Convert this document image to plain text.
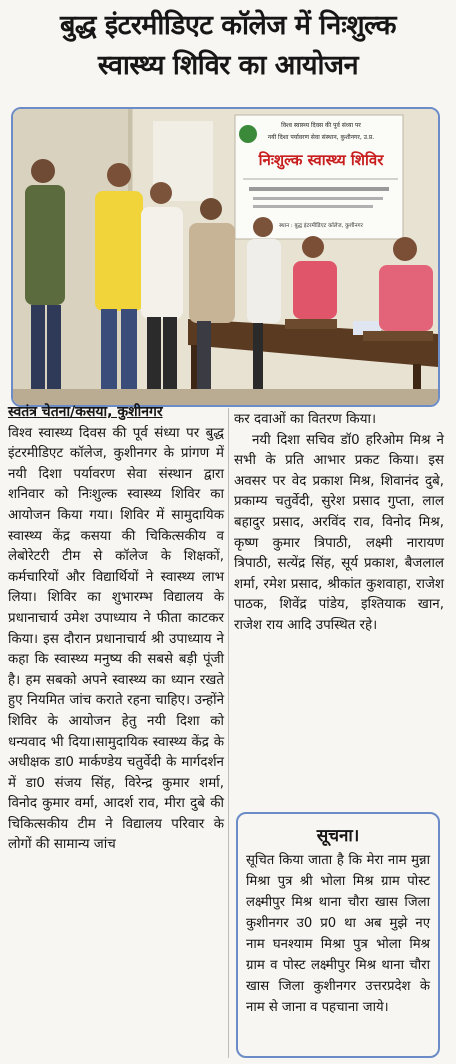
बुद्ध इंटरमीडिएट कॉलेज में निःशुल्क
स्वास्थ्य शिविर का आयोजन
विश्व स्वास्थ्य दिवस की पूर्व संध्या पर
नयी दिशा पर्यावरण सेवा संस्थान, कुशीनगर, उ.प्र.
निःशुल्क स्वास्थ्य शिविर
स्थान : बुद्ध इंटरमीडिएट कॉलेज, कुशीनगर
स्वतंत्र चेतना/कसया, कुशीनगर
विश्व स्वास्थ्य दिवस की पूर्व संध्या पर बुद्ध इंटरमीडिएट कॉलेज, कुशीनगर के प्रांगण में नयी दिशा पर्यावरण सेवा संस्थान द्वारा शनिवार को निःशुल्क स्वास्थ्य शिविर का आयोजन किया गया। शिविर में सामुदायिक स्वास्थ्य केंद्र कसया की चिकित्सकीय व लेबोरेटरी टीम से कॉलेज के शिक्षकों, कर्मचारियों और विद्यार्थियों ने स्वास्थ्य लाभ लिया। शिविर का शुभारम्भ विद्यालय के प्रधानाचार्य उमेश उपाध्याय ने फीता काटकर किया। इस दौरान प्रधानाचार्य श्री उपाध्याय ने कहा कि स्वास्थ्य मनुष्य की सबसे बड़ी पूंजी है। हम सबको अपने स्वास्थ्य का ध्यान रखते हुए नियमित जांच कराते रहना चाहिए। उन्होंने शिविर के आयोजन हेतु नयी दिशा को धन्यवाद भी दिया।सामुदायिक स्वास्थ्य केंद्र के अधीक्षक डा0 मार्कण्डेय चतुर्वेदी के मार्गदर्शन में डा0 संजय सिंह, विरेन्द्र कुमार शर्मा, विनोद कुमार वर्मा, आदर्श राव, मीरा दुबे की चिकित्सकीय टीम ने विद्यालय परिवार के लोगों की सामान्य जांच
कर दवाओं का वितरण किया।
नयी दिशा सचिव डॉ0 हरिओम मिश्र ने सभी के प्रति आभार प्रकट किया। इस अवसर पर वेद प्रकाश मिश्र, शिवानंद दुबे, प्रकाम्य चतुर्वेदी, सुरेश प्रसाद गुप्ता, लाल बहादुर प्रसाद, अरविंद राव, विनोद मिश्र, कृष्ण कुमार त्रिपाठी, लक्ष्मी नारायण त्रिपाठी, सत्येंद्र सिंह, सूर्य प्रकाश, बैजलाल शर्मा, रमेश प्रसाद, श्रीकांत कुशवाहा, राजेश पाठक, शिवेंद्र पांडेय, इश्तियाक खान, राजेश राय आदि उपस्थित रहे।
सूचना।
सूचित किया जाता है कि मेरा नाम मुन्ना मिश्रा पुत्र श्री भोला मिश्र ग्राम पोस्ट लक्ष्मीपुर मिश्र थाना चौरा खास जिला कुशीनगर उ0 प्र0 था अब मुझे नए नाम घनश्याम मिश्रा पुत्र भोला मिश्र ग्राम व पोस्ट लक्ष्मीपुर मिश्र थाना चौरा खास जिला कुशीनगर उत्तरप्रदेश के नाम से जाना व पहचाना जाये।
